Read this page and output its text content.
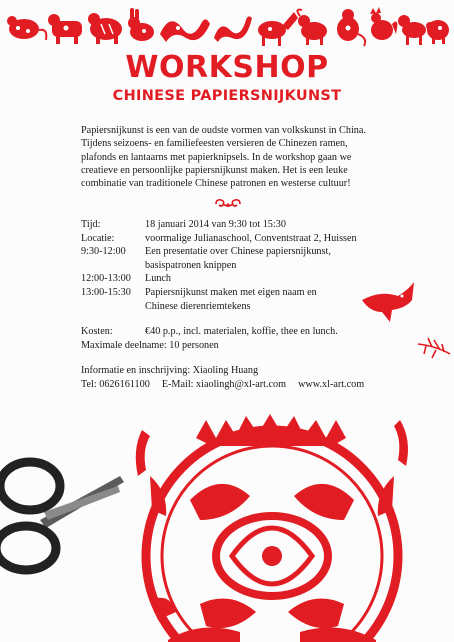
WORKSHOP
CHINESE PAPIERSNIJKUNST

Papiersnijkunst is een van de oudste vormen van volkskunst in China. Tijdens seizoens- en familiefeesten versieren de Chinezen ramen, plafonds en lantaarns met papierknipsels. In de workshop gaan we creatieve en persoonlijke papiersnijkunst maken. Het is een leuke combinatie van traditionele Chinese patronen en westerse cultuur!

Tijd:	18 januari 2014 van 9:30 tot 15:30
Locatie:	voormalige Julianaschool, Conventstraat 2, Huissen
9:30-12:00	Een presentatie over Chinese papiersnijkunst,
basispatronen knippen
12:00-13:00	Lunch
13:00-15:30	Papiersnijkunst maken met eigen naam en
Chinese dierenriemtekens
Kosten:	€40 p.p., incl. materialen, koffie, thee en lunch.
Maximale deelname: 10 personen
Informatie en inschrijving: Xiaoling Huang
Tel: 0626161100 E-Mail: xiaolingh@xl-art.com www.xl-art.com
